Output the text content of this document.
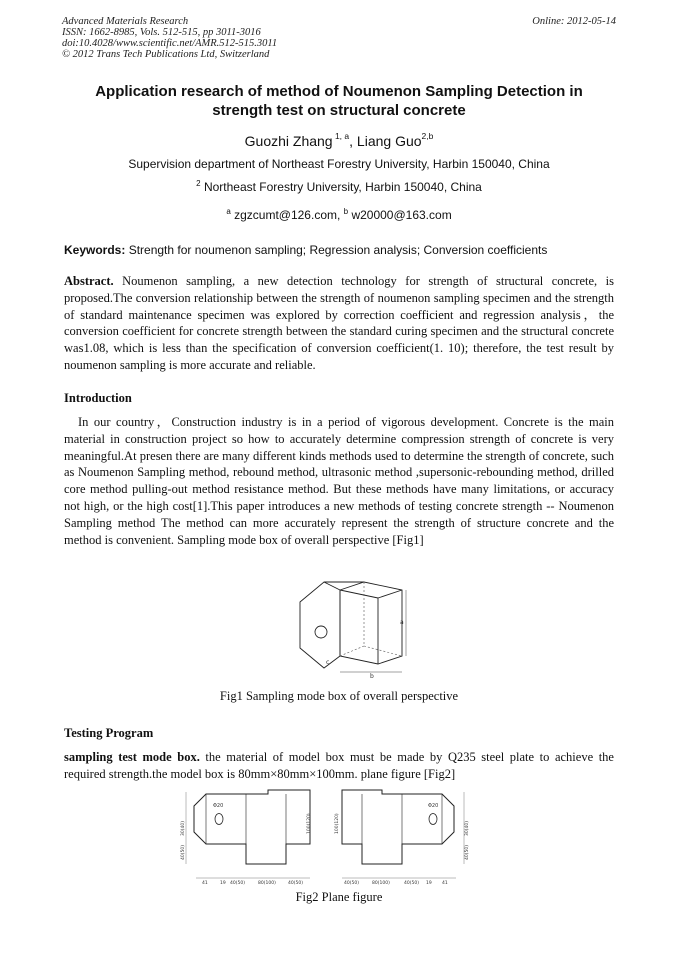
Advanced Materials Research
ISSN: 1662-8985, Vols. 512-515, pp 3011-3016
doi:10.4028/www.scientific.net/AMR.512-515.3011
© 2012 Trans Tech Publications Ltd, Switzerland
Online: 2012-05-14
Application research of method of Noumenon Sampling Detection in
strength test on structural concrete
Guozhi Zhang $^{1, a}$, Liang Guo$^{2,b}$
Supervision department of Northeast Forestry University, Harbin 150040, China
$^2$ Northeast Forestry University, Harbin 150040, China
$^a$ zgzcumt@126.com, $^b$ w20000@163.com
Keywords: Strength for noumenon sampling; Regression analysis; Conversion coefficients
Abstract. Noumenon sampling, a new detection technology for strength of structural concrete, is proposed.The conversion relationship between the strength of noumenon sampling specimen and the strength of standard maintenance specimen was explored by correction coefficient and regression analysis，the conversion coefficient for concrete strength between the standard curing specimen and the structural concrete was1.08, which is less than the specification of conversion coefficient(1. 10); therefore, the test result by noumenon sampling is more accurate and reliable.
Introduction
In our country，Construction industry is in a period of vigorous development. Concrete is the main material in construction project so how to accurately determine compression strength of concrete is very meaningful.At presen there are many different kinds methods used to determine the strength of concrete, such as Noumenon Sampling method, rebound method, ultrasonic method ,supersonic-rebounding method, drilled core method pulling-out method resistance method. But these methods have many limitations, or accuracy not high, or the high cost[1].This paper introduces a new methods of testing concrete strength -- Noumenon Sampling method The method can more accurately represent the strength of structure concrete and the method is convenient. Sampling mode box of overall perspective [Fig1]
a
b
c
Fig1 Sampling mode box of overall perspective
Testing Program
sampling test mode box. the material of model box must be made by Q235 steel plate to achieve the required strength.the model box is 80mm×80mm×100mm. plane figure [Fig2]
Φ20
30(40)
40(50)
100(120)
41	19 40(50)	80(100)	40(50)
Φ20
30(40)
40(50)
100(120)
40(50)	80(100)	40(50) 19 41
Fig2 Plane figure
